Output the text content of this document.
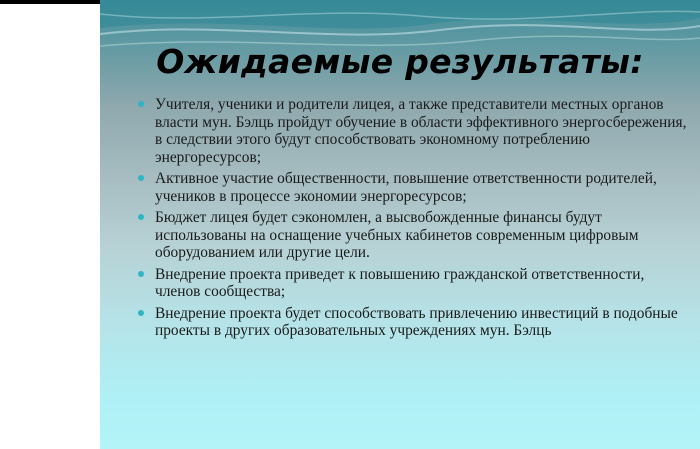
Ожидаемые результаты:
Учителя, ученики и родители лицея, а также представители местных органов власти мун. Бэлць пройдут обучение в области эффективного энергосбережения, в следствии этого будут способствовать экономному потреблению энергоресурсов;
Активное участие общественности, повышение ответственности родителей, учеников в процессе экономии энергоресурсов;
Бюджет лицея будет сэкономлен, а высвобожденные финансы будут использованы на оснащение учебных кабинетов современным цифровым оборудованием или другие цели.
Внедрение проекта приведет к повышению гражданской ответственности, членов сообщества;
Внедрение проекта будет способствовать привлечению инвестиций в подобные проекты в других образовательных учреждениях мун. Бэлць
